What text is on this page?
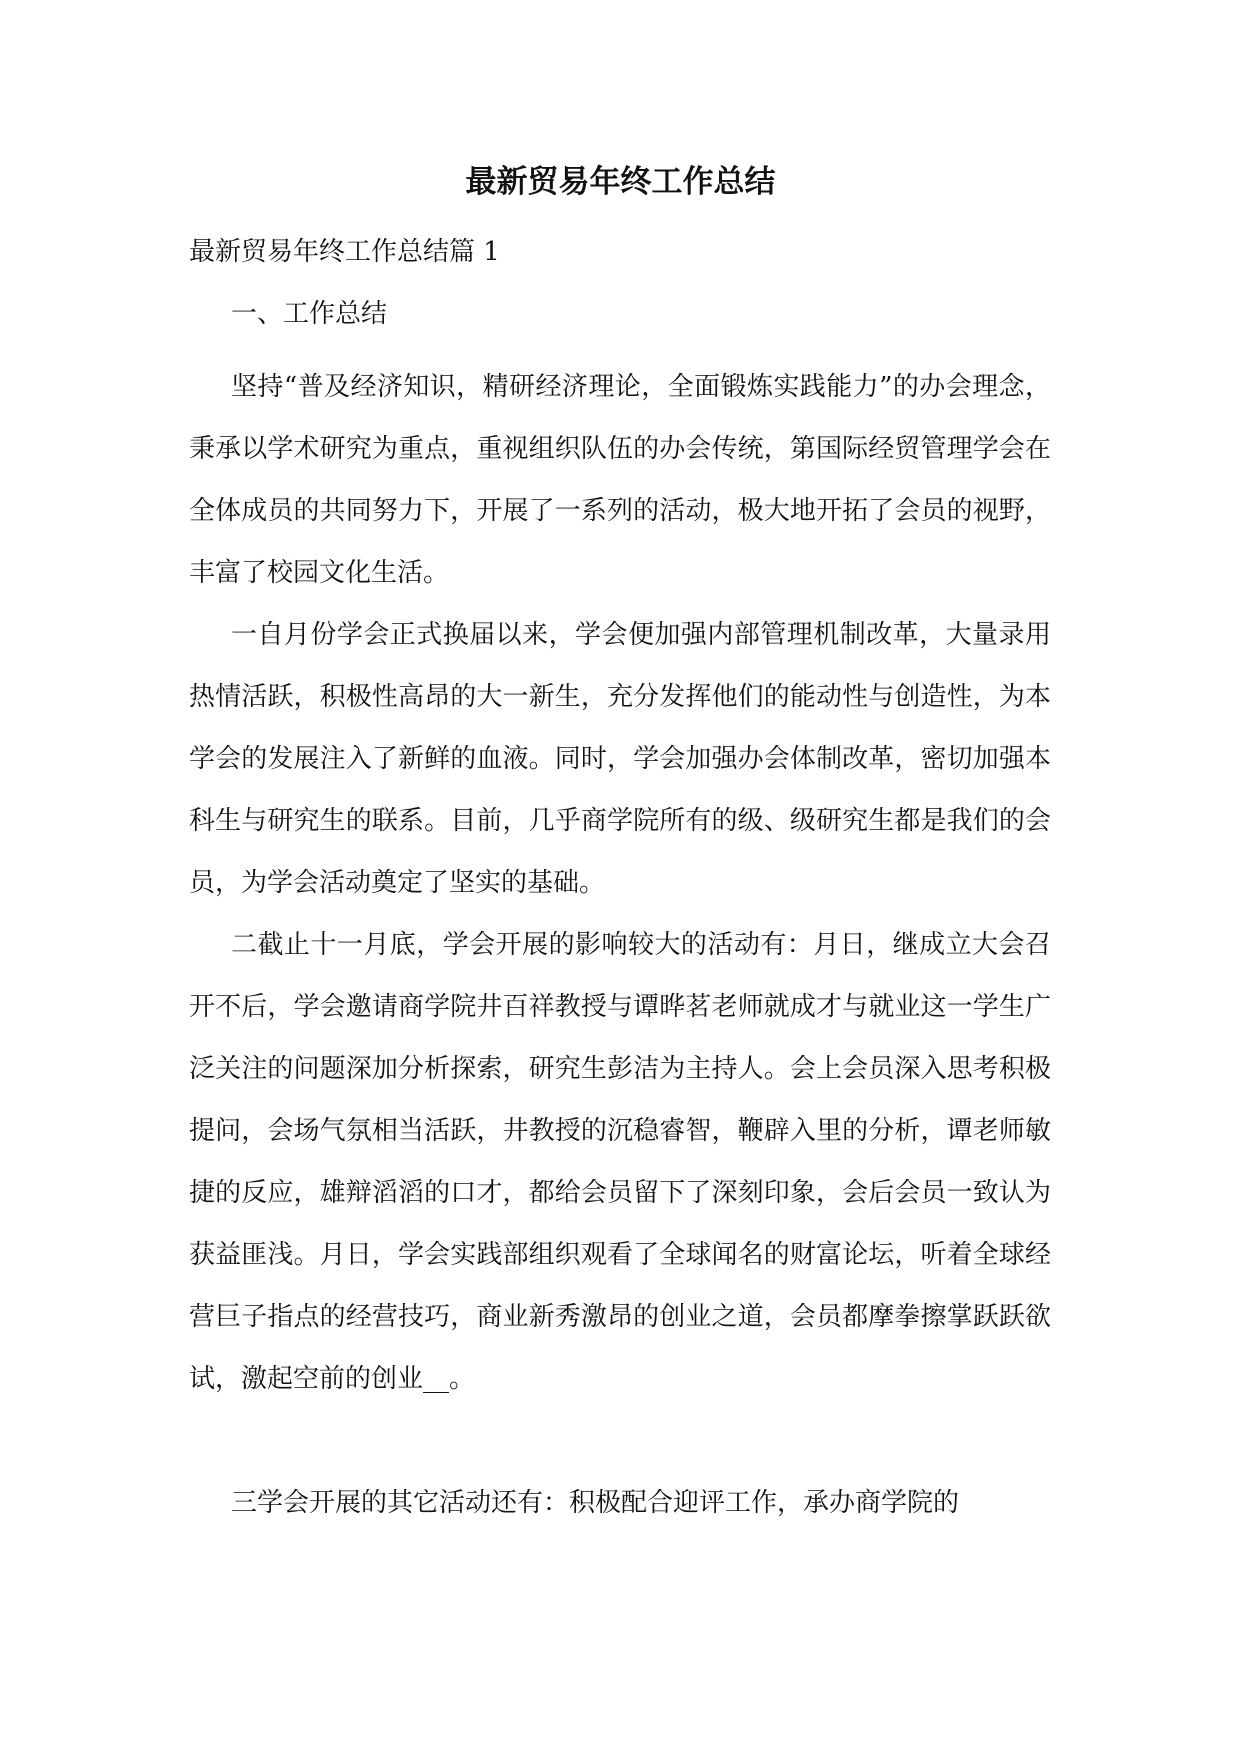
最新贸易年终工作总结

最新贸易年终工作总结篇 1

一、工作总结

坚持“普及经济知识，精研经济理论，全面锻炼实践能力”的办会理念，秉承以学术研究为重点，重视组织队伍的办会传统，第国际经贸管理学会在全体成员的共同努力下，开展了一系列的活动，极大地开拓了会员的视野，丰富了校园文化生活。

一自月份学会正式换届以来，学会便加强内部管理机制改革，大量录用热情活跃，积极性高昂的大一新生，充分发挥他们的能动性与创造性，为本学会的发展注入了新鲜的血液。同时，学会加强办会体制改革，密切加强本科生与研究生的联系。目前，几乎商学院所有的级、级研究生都是我们的会员，为学会活动奠定了坚实的基础。

二截止十一月底，学会开展的影响较大的活动有：月日，继成立大会召开不后，学会邀请商学院井百祥教授与谭晔茗老师就成才与就业这一学生广泛关注的问题深加分析探索，研究生彭洁为主持人。会上会员深入思考积极提问，会场气氛相当活跃，井教授的沉稳睿智，鞭辟入里的分析，谭老师敏捷的反应，雄辩滔滔的口才，都给会员留下了深刻印象，会后会员一致认为获益匪浅。月日，学会实践部组织观看了全球闻名的财富论坛，听着全球经营巨子指点的经营技巧，商业新秀激昂的创业之道，会员都摩拳擦掌跃跃欲试，激起空前的创业__。

三学会开展的其它活动还有：积极配合迎评工作，承办商学院的
